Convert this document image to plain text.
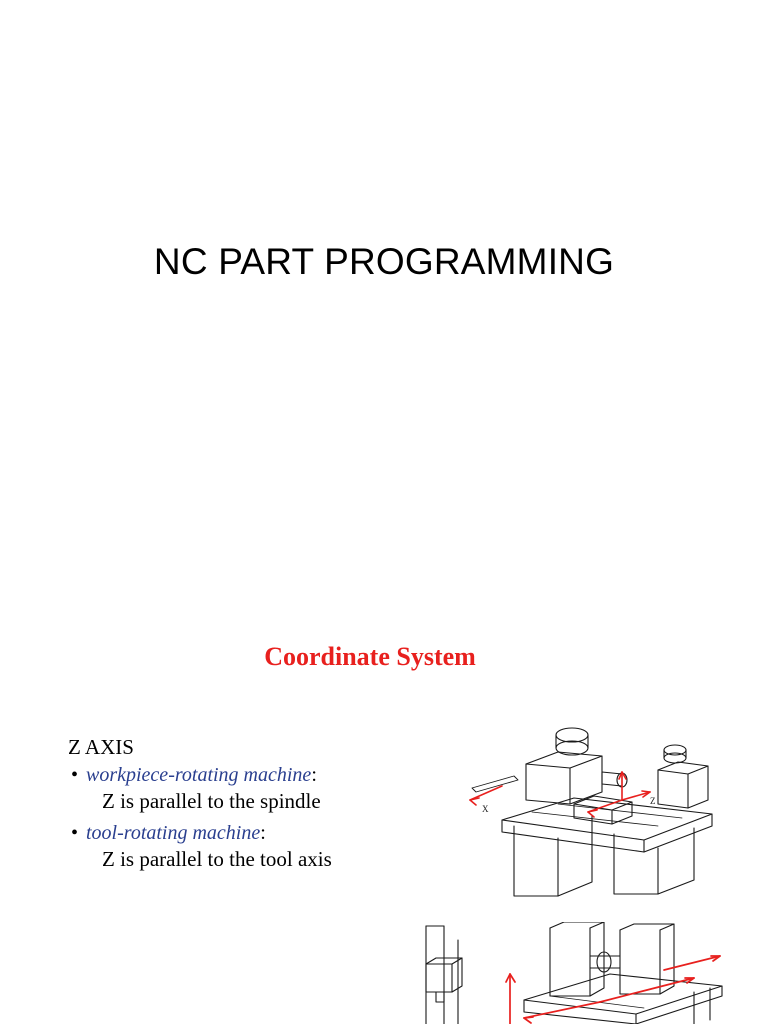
NC PART PROGRAMMING
Coordinate System

Z AXIS

• workpiece-rotating machine:

Z is parallel to the spindle

• tool-rotating machine:

Z is parallel to the tool axis

X
Z
